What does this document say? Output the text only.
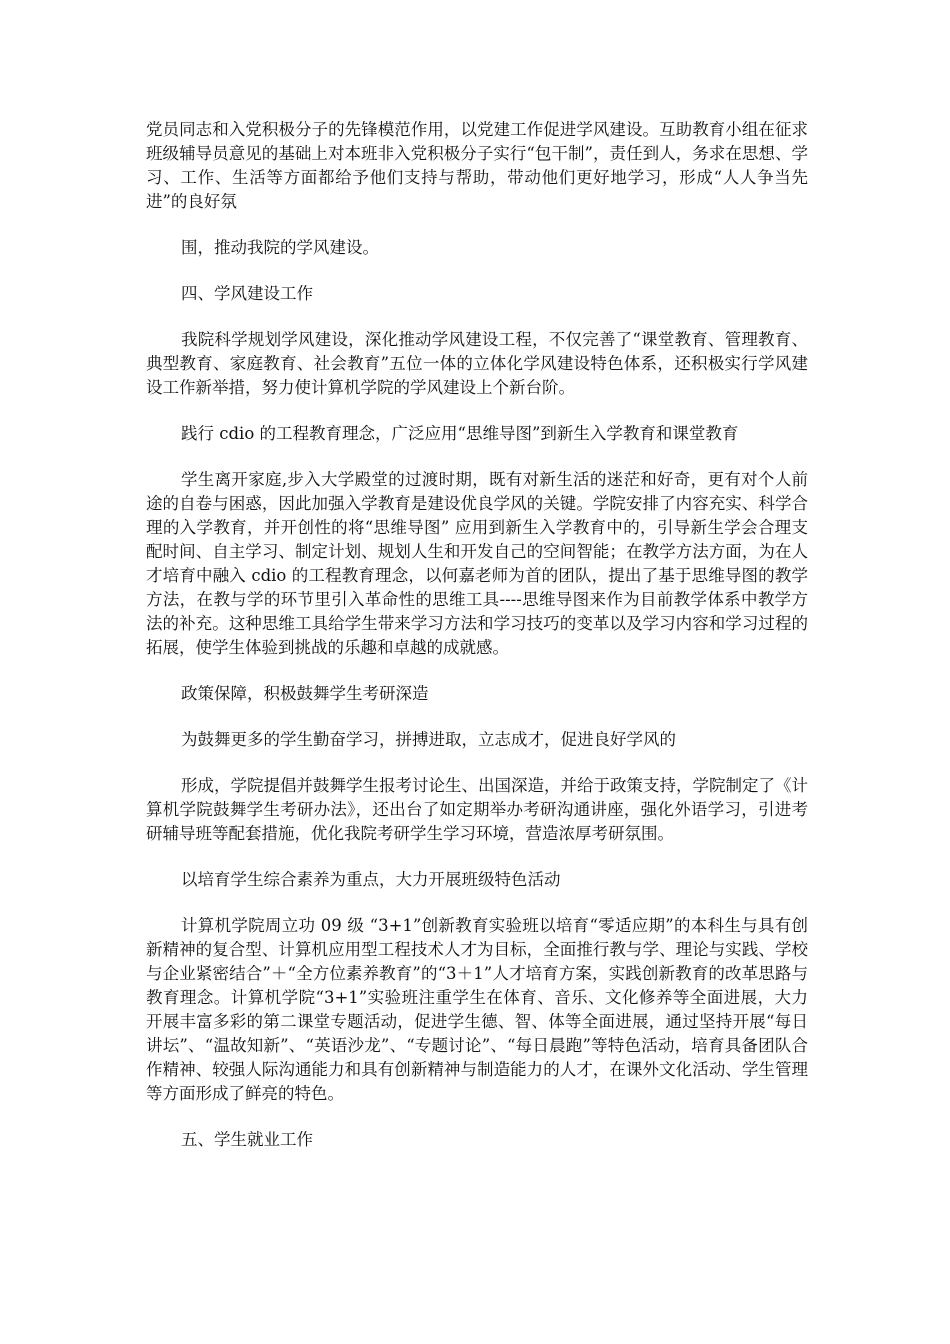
党员同志和入党积极分子的先锋模范作用，以党建工作促进学风建设。互助教育小组在征求班级辅导员意见的基础上对本班非入党积极分子实行“包干制”，责任到人，务求在思想、学习、工作、生活等方面都给予他们支持与帮助，带动他们更好地学习，形成“人人争当先进”的良好氛

围，推动我院的学风建设。

四、学风建设工作

我院科学规划学风建设，深化推动学风建设工程，不仅完善了“课堂教育、管理教育、典型教育、家庭教育、社会教育”五位一体的立体化学风建设特色体系，还积极实行学风建设工作新举措，努力使计算机学院的学风建设上个新台阶。

践行 cdio 的工程教育理念，广泛应用“思维导图”到新生入学教育和课堂教育

学生离开家庭,步入大学殿堂的过渡时期，既有对新生活的迷茫和好奇，更有对个人前途的自卷与困惑，因此加强入学教育是建设优良学风的关键。学院安排了内容充实、科学合理的入学教育，并开创性的将“思维导图” 应用到新生入学教育中的，引导新生学会合理支配时间、自主学习、制定计划、规划人生和开发自己的空间智能；在教学方法方面，为在人才培育中融入 cdio 的工程教育理念，以何嘉老师为首的团队，提出了基于思维导图的教学方法，在教与学的环节里引入革命性的思维工具----思维导图来作为目前教学体系中教学方法的补充。这种思维工具给学生带来学习方法和学习技巧的变革以及学习内容和学习过程的拓展，使学生体验到挑战的乐趣和卓越的成就感。

政策保障，积极鼓舞学生考研深造

为鼓舞更多的学生勤奋学习，拼搏进取，立志成才，促进良好学风的

形成，学院提倡并鼓舞学生报考讨论生、出国深造，并给于政策支持，学院制定了《计算机学院鼓舞学生考研办法》，还出台了如定期举办考研沟通讲座，强化外语学习，引进考研辅导班等配套措施，优化我院考研学生学习环境，营造浓厚考研氛围。

以培育学生综合素养为重点，大力开展班级特色活动

计算机学院周立功 09 级 “3+1”创新教育实验班以培育“零适应期”的本科生与具有创新精神的复合型、计算机应用型工程技术人才为目标，全面推行教与学、理论与实践、学校与企业紧密结合”＋“全方位素养教育”的“3＋1”人才培育方案，实践创新教育的改革思路与教育理念。计算机学院“3+1”实验班注重学生在体育、音乐、文化修养等全面进展，大力开展丰富多彩的第二课堂专题活动，促进学生德、智、体等全面进展，通过坚持开展“每日讲坛”、“温故知新”、“英语沙龙”、“专题讨论”、“每日晨跑”等特色活动，培育具备团队合作精神、较强人际沟通能力和具有创新精神与制造能力的人才，在课外文化活动、学生管理等方面形成了鲜亮的特色。

五、学生就业工作
